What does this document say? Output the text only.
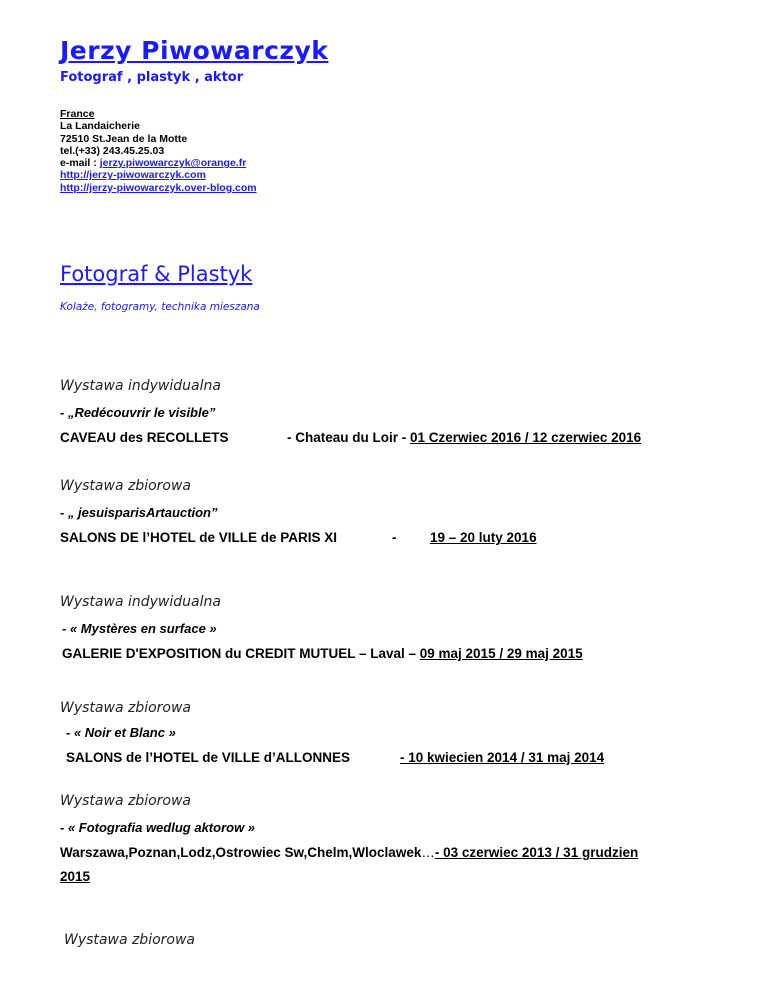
Jerzy Piwowarczyk
Fotograf , plastyk , aktor
France
La Landaicherie
72510 St.Jean de la Motte
tel.(+33) 243.45.25.03
e-mail : jerzy.piwowarczyk@orange.fr
http://jerzy-piwowarczyk.com
http://jerzy-piwowarczyk.over-blog.com
Fotograf & Plastyk
Kolaże, fotogramy, technika mieszana
Wystawa indywidualna
- „Redécouvrir le visible”
CAVEAU des RECOLLETS	- Chateau du Loir - 01 Czerwiec 2016 / 12 czerwiec 2016
Wystawa zbiorowa
- „ jesuisparisArtauction”
SALONS DE l’HOTEL de VILLE de PARIS XI	- 19 – 20 luty 2016
Wystawa indywidualna
- « Mystères en surface »
GALERIE D'EXPOSITION du CREDIT MUTUEL – Laval – 09 maj 2015 / 29 maj 2015
Wystawa zbiorowa
- « Noir et Blanc »
SALONS de l’HOTEL de VILLE d’ALLONNES	- 10 kwiecien 2014 / 31 maj 2014
Wystawa zbiorowa
- « Fotografia wedlug aktorow »
Warszawa,Poznan,Lodz,Ostrowiec Sw,Chelm,Wloclawek…- 03 czerwiec 2013 / 31 grudzien
2015
Wystawa zbiorowa
